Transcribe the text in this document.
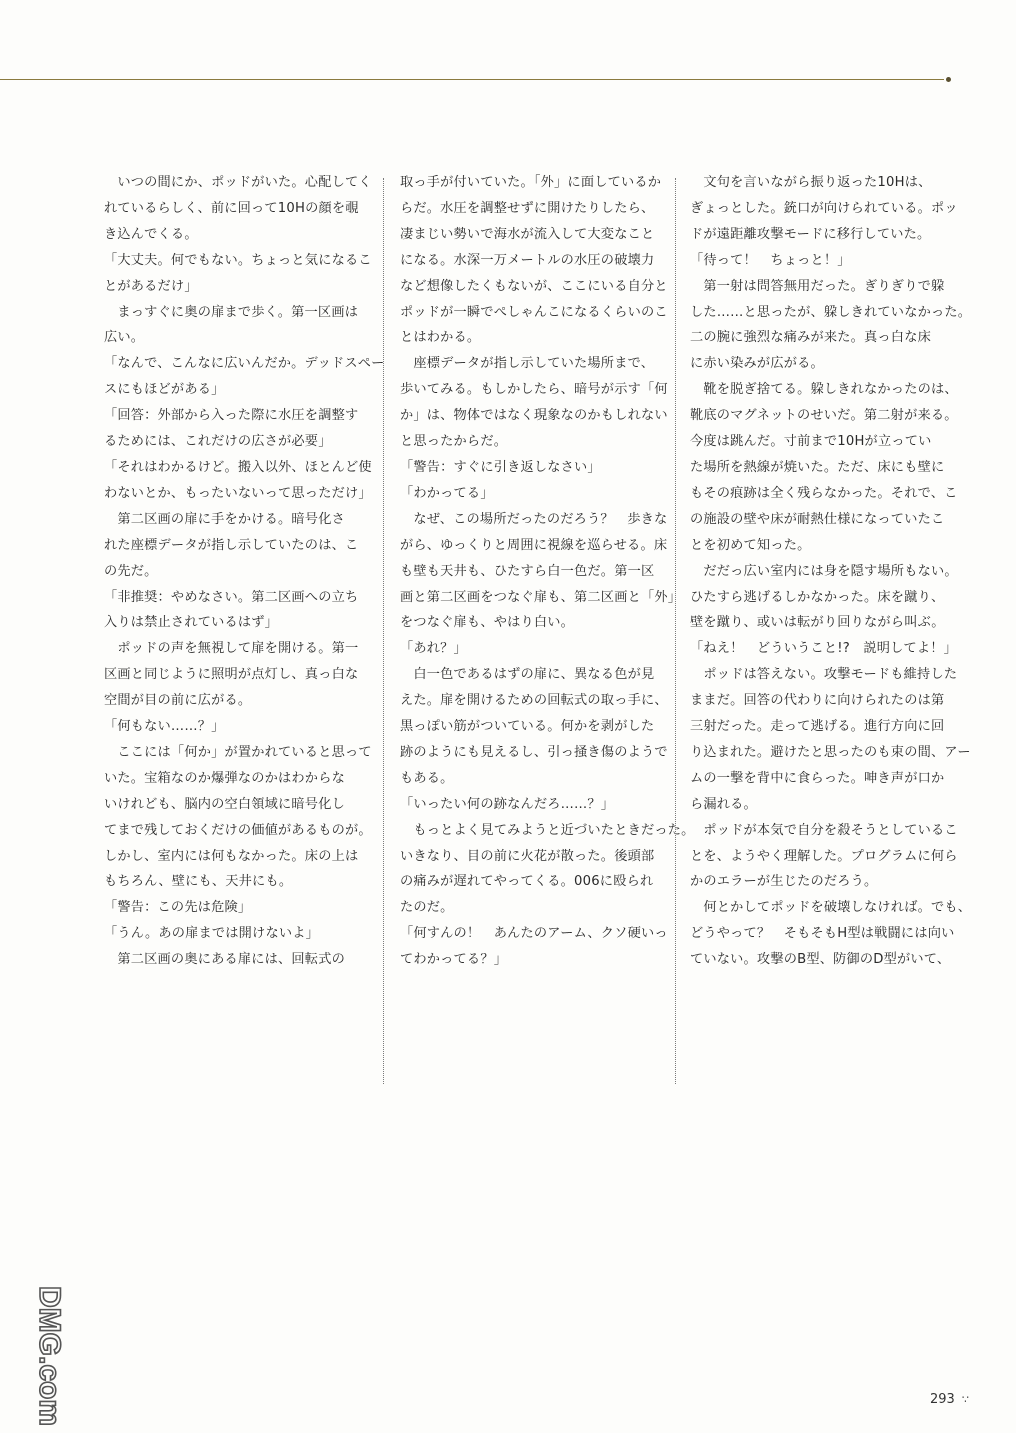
　いつの間にか、ポッドがいた。心配してく

れているらしく、前に回って10Hの顔を覗

き込んでくる。

「大丈夫。何でもない。ちょっと気になるこ

とがあるだけ」

　まっすぐに奥の扉まで歩く。第一区画は

広い。

「なんで、こんなに広いんだか。デッドスペー

スにもほどがある」

「回答：外部から入った際に水圧を調整す

るためには、これだけの広さが必要」

「それはわかるけど。搬入以外、ほとんど使

わないとか、もったいないって思っただけ」

　第二区画の扉に手をかける。暗号化さ

れた座標データが指し示していたのは、こ

の先だ。

「非推奨：やめなさい。第二区画への立ち

入りは禁止されているはず」

　ポッドの声を無視して扉を開ける。第一

区画と同じように照明が点灯し、真っ白な

空間が目の前に広がる。

「何もない……？」

　ここには「何か」が置かれていると思って

いた。宝箱なのか爆弾なのかはわからな

いけれども、脳内の空白領域に暗号化し

てまで残しておくだけの価値があるものが。

しかし、室内には何もなかった。床の上は

もちろん、壁にも、天井にも。

「警告：この先は危険」

「うん。あの扉までは開けないよ」

　第二区画の奥にある扉には、回転式の

取っ手が付いていた。「外」に面しているか

らだ。水圧を調整せずに開けたりしたら、

凄まじい勢いで海水が流入して大変なこと

になる。水深一万メートルの水圧の破壊力

など想像したくもないが、ここにいる自分と

ポッドが一瞬でぺしゃんこになるくらいのこ

とはわかる。

　座標データが指し示していた場所まで、

歩いてみる。もしかしたら、暗号が示す「何

か」は、物体ではなく現象なのかもしれない

と思ったからだ。

「警告：すぐに引き返しなさい」

「わかってる」

　なぜ、この場所だったのだろう？　歩きな

がら、ゆっくりと周囲に視線を巡らせる。床

も壁も天井も、ひたすら白一色だ。第一区

画と第二区画をつなぐ扉も、第二区画と「外」

をつなぐ扉も、やはり白い。

「あれ？」

　白一色であるはずの扉に、異なる色が見

えた。扉を開けるための回転式の取っ手に、

黒っぽい筋がついている。何かを剥がした

跡のようにも見えるし、引っ掻き傷のようで

もある。

「いったい何の跡なんだろ……？」

　もっとよく見てみようと近づいたときだった。

いきなり、目の前に火花が散った。後頭部

の痛みが遅れてやってくる。006に殴られ

たのだ。

「何すんの！　あんたのアーム、クソ硬いっ

てわかってる？」

　文句を言いながら振り返った10Hは、

ぎょっとした。銃口が向けられている。ポッ

ドが遠距離攻撃モードに移行していた。

「待って！　ちょっと！」

　第一射は問答無用だった。ぎりぎりで躱

した……と思ったが、躱しきれていなかった。

二の腕に強烈な痛みが来た。真っ白な床

に赤い染みが広がる。

　靴を脱ぎ捨てる。躱しきれなかったのは、

靴底のマグネットのせいだ。第二射が来る。

今度は跳んだ。寸前まで10Hが立ってい

た場所を熱線が焼いた。ただ、床にも壁に

もその痕跡は全く残らなかった。それで、こ

の施設の壁や床が耐熱仕様になっていたこ

とを初めて知った。

　だだっ広い室内には身を隠す場所もない。

ひたすら逃げるしかなかった。床を蹴り、

壁を蹴り、或いは転がり回りながら叫ぶ。

「ねえ！　どういうこと!?　説明してよ！」

　ポッドは答えない。攻撃モードも維持した

ままだ。回答の代わりに向けられたのは第

三射だった。走って逃げる。進行方向に回

り込まれた。避けたと思ったのも束の間、アー

ムの一撃を背中に食らった。呻き声が口か

ら漏れる。

　ポッドが本気で自分を殺そうとしているこ

とを、ようやく理解した。プログラムに何ら

かのエラーが生じたのだろう。

　何とかしてポッドを破壊しなければ。でも、

どうやって？　そもそもH型は戦闘には向い

ていない。攻撃のB型、防御のD型がいて、

DMG.com	293 ∵
